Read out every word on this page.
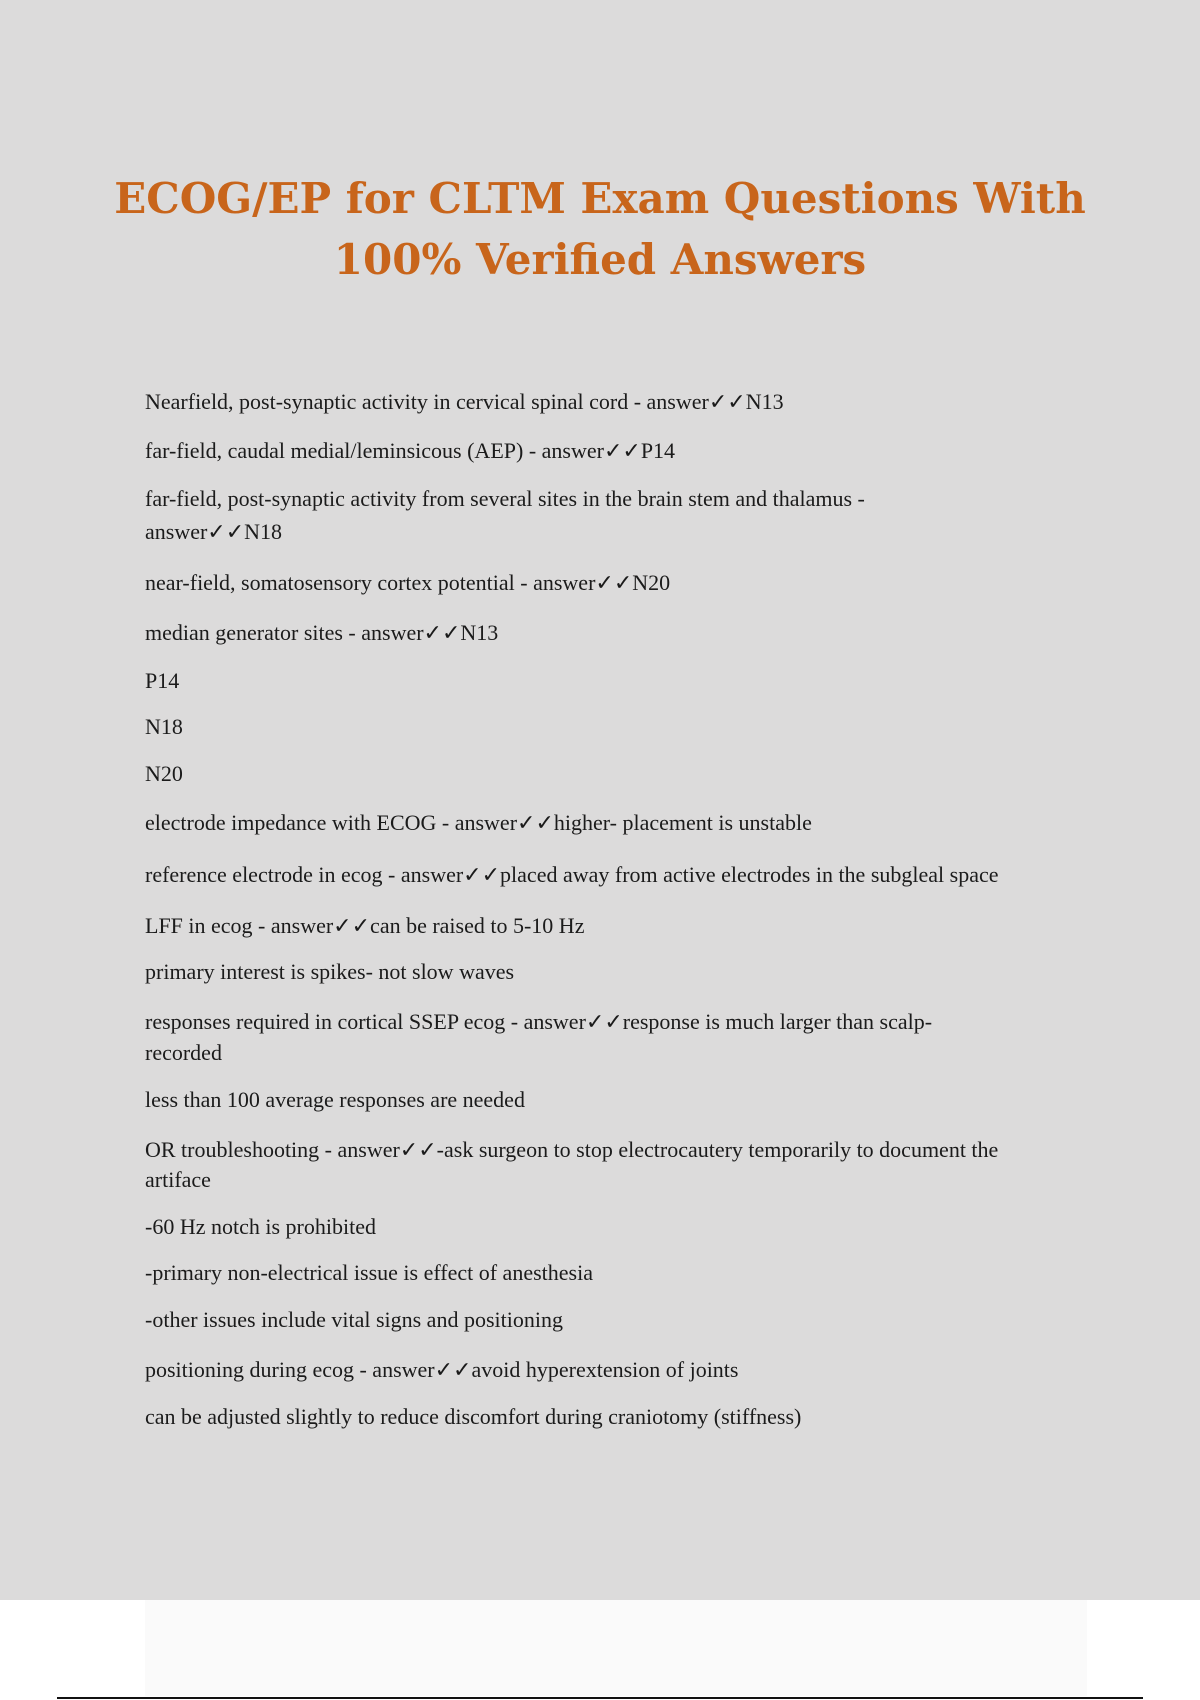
ECOG/EP for CLTM Exam Questions With
100% Verified Answers

Nearfield, post-synaptic activity in cervical spinal cord - answer✓✓N13

far-field, caudal medial/leminsicous (AEP) - answer✓✓P14

far-field, post-synaptic activity from several sites in the brain stem and thalamus -

answer✓✓N18

near-field, somatosensory cortex potential - answer✓✓N20

median generator sites - answer✓✓N13

P14

N18

N20

electrode impedance with ECOG - answer✓✓higher- placement is unstable

reference electrode in ecog - answer✓✓placed away from active electrodes in the subgleal space

LFF in ecog - answer✓✓can be raised to 5-10 Hz

primary interest is spikes- not slow waves

responses required in cortical SSEP ecog - answer✓✓response is much larger than scalp-

recorded

less than 100 average responses are needed

OR troubleshooting - answer✓✓-ask surgeon to stop electrocautery temporarily to document the

artiface

-60 Hz notch is prohibited

-primary non-electrical issue is effect of anesthesia

-other issues include vital signs and positioning

positioning during ecog - answer✓✓avoid hyperextension of joints

can be adjusted slightly to reduce discomfort during craniotomy (stiffness)
